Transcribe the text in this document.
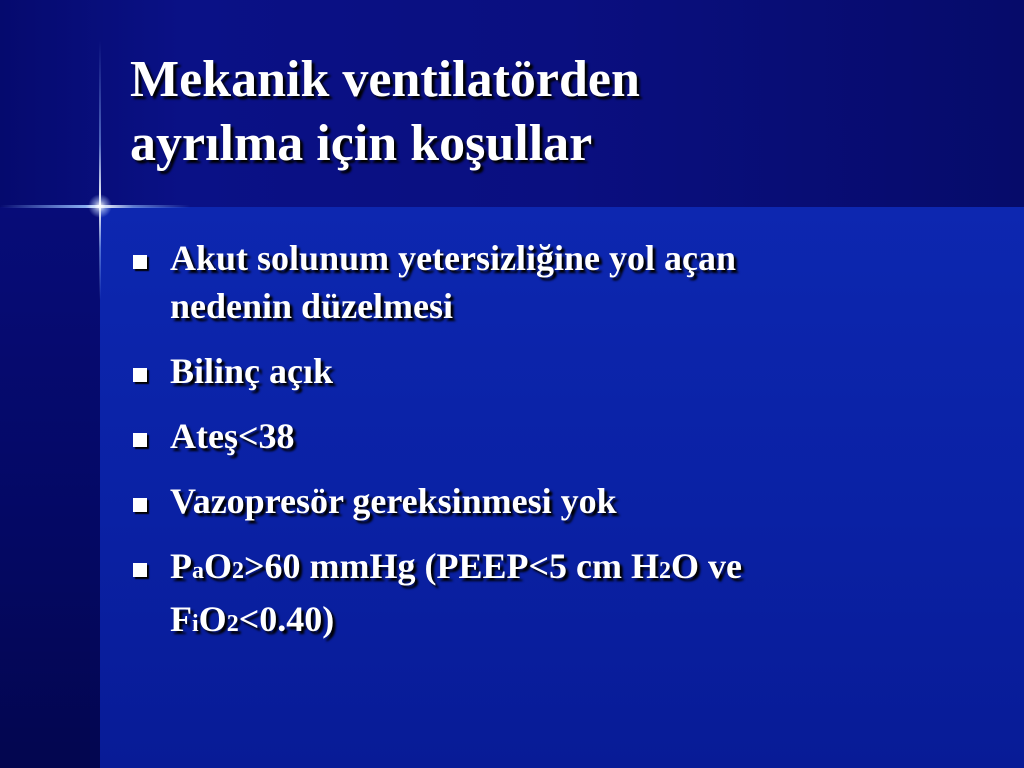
Mekanik ventilatörden
ayrılma için koşullar
Akut solunum yetersizliğine yol açan
nedenin düzelmesi
Bilinç açık
Ateş<38
Vazopresör gereksinmesi yok
PaO2>60 mmHg (PEEP<5 cm H2O ve
FiO2<0.40)
